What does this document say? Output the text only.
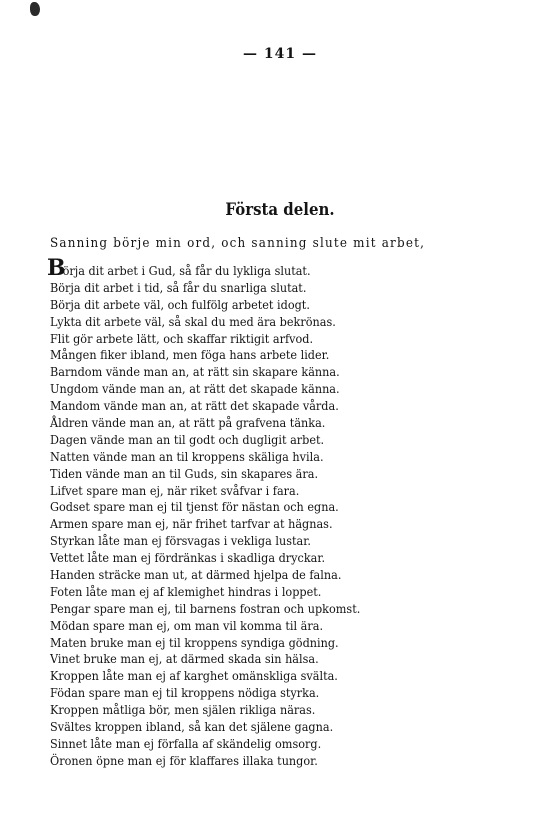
— 141 —
Första delen.
Sanning börje min ord, och sanning slute mit arbet,
B
örja dit arbet i Gud, så får du lykliga slutat.
Börja dit arbet i tid, så får du snarliga slutat.
Börja dit arbete väl, och fulfölg arbetet idogt.
Lykta dit arbete väl, så skal du med ära bekrönas.
Flit gör arbete lätt, och skaffar riktigit arfvod.
Mången fiker ibland, men föga hans arbete lider.
Barndom vände man an, at rätt sin skapare känna.
Ungdom vände man an, at rätt det skapade känna.
Mandom vände man an, at rätt det skapade vårda.
Åldren vände man an, at rätt på grafvena tänka.
Dagen vände man an til godt och dugligit arbet.
Natten vände man an til kroppens skäliga hvila.
Tiden vände man an til Guds, sin skapares ära.
Lifvet spare man ej, när riket svåfvar i fara.
Godset spare man ej til tjenst för nästan och egna.
Armen spare man ej, när frihet tarfvar at hägnas.
Styrkan låte man ej försvagas i vekliga lustar.
Vettet låte man ej fördränkas i skadliga dryckar.
Handen sträcke man ut, at därmed hjelpa de falna.
Foten låte man ej af klemighet hindras i loppet.
Pengar spare man ej, til barnens fostran och upkomst.
Mödan spare man ej, om man vil komma til ära.
Maten bruke man ej til kroppens syndiga gödning.
Vinet bruke man ej, at därmed skada sin hälsa.
Kroppen låte man ej af karghet omänskliga svälta.
Födan spare man ej til kroppens nödiga styrka.
Kroppen måtliga bör, men själen rikliga näras.
Svältes kroppen ibland, så kan det själene gagna.
Sinnet låte man ej förfalla af skändelig omsorg.
Öronen öpne man ej för klaffares illaka tungor.
